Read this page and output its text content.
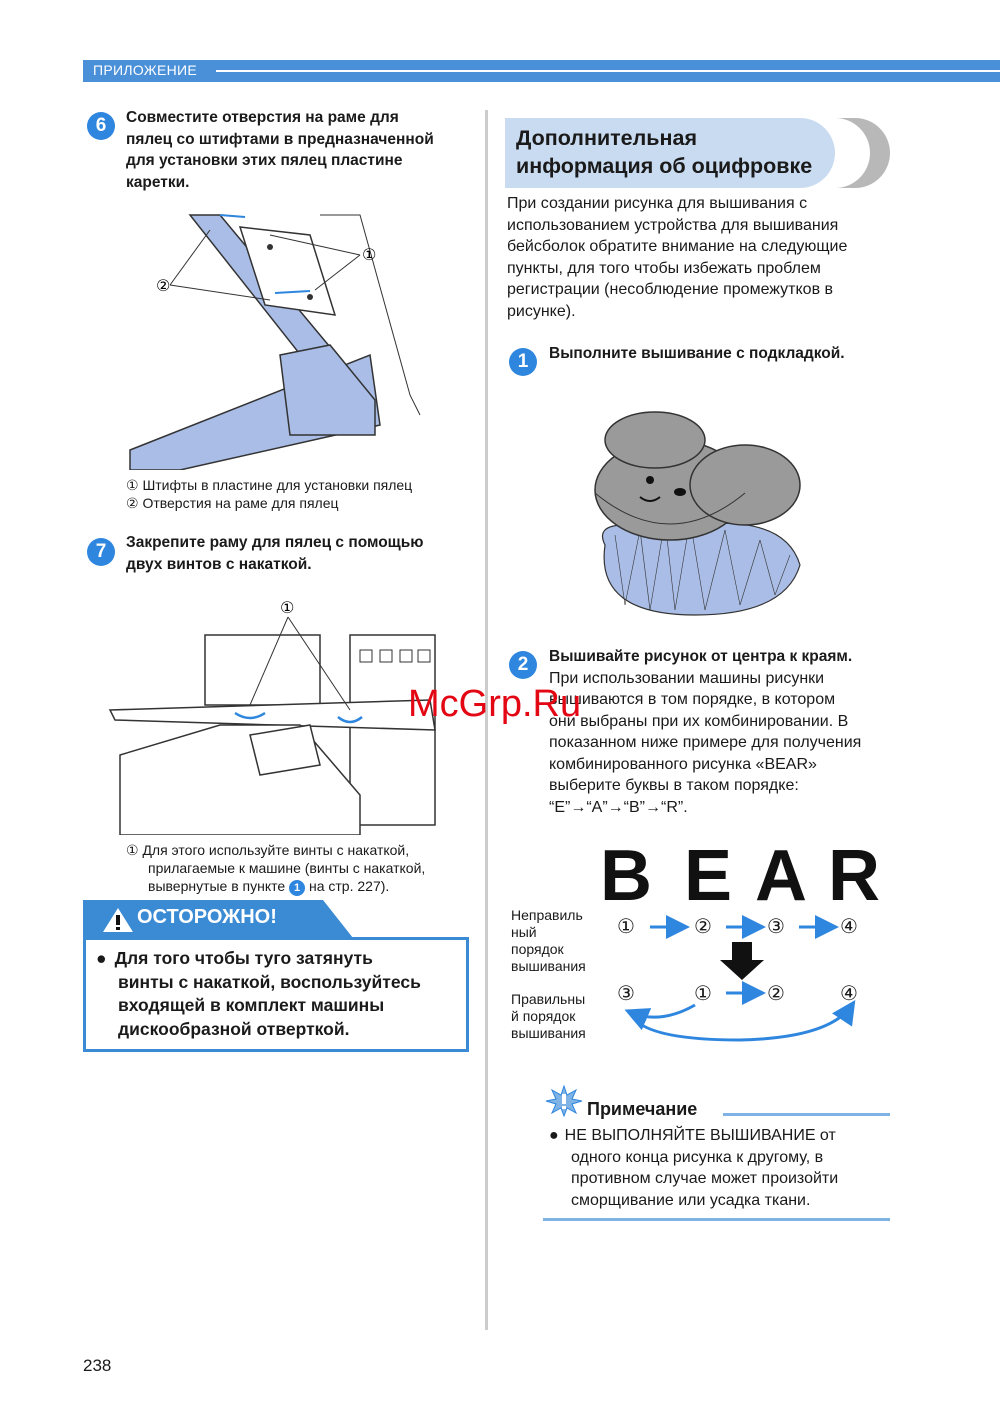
ПРИЛОЖЕНИЕ
6	Совместите отверстия на раме для
пялец со штифтами в предназначенной
для установки этих пялец пластине
каретки.
①
②
① Штифты в пластине для установки пялец
② Отверстия на раме для пялец
7	Закрепите раму для пялец с помощью
двух винтов с накаткой.
①
① Для этого используйте винты с накаткой,
прилагаемые к машине (винты с накаткой,
вывернутые в пункте 1 на стр. 227).
ОСТОРОЖНО!
● Для того чтобы туго затянуть
винты с накаткой, воспользуйтесь
входящей в комплект машины
дискообразной отверткой.
Дополнительная
информация об оцифровке
При создании рисунка для вышивания с
использованием устройства для вышивания
бейсболок обратите внимание на следующие
пункты, для того чтобы избежать проблем
регистрации (несоблюдение промежутков в
рисунке).
1	Выполните вышивание с подкладкой.
2	Вышивайте рисунок от центра к краям.
При использовании машины рисунки
вышиваются в том порядке, в котором
они выбраны при их комбинировании. В
показанном ниже примере для получения
комбинированного рисунка «BEAR»
выберите буквы в таком порядке:
“E”→“A”→“B”→“R”.
McGrp.Ru
B E A R
Неправиль
ный
порядок
вышивания
Правильны
й порядок
вышивания
①	②	③	④
③	①	②	④
Примечание
● НЕ ВЫПОЛНЯЙТЕ ВЫШИВАНИЕ от
одного конца рисунка к другому, в
противном случае может произойти
сморщивание или усадка ткани.
238
